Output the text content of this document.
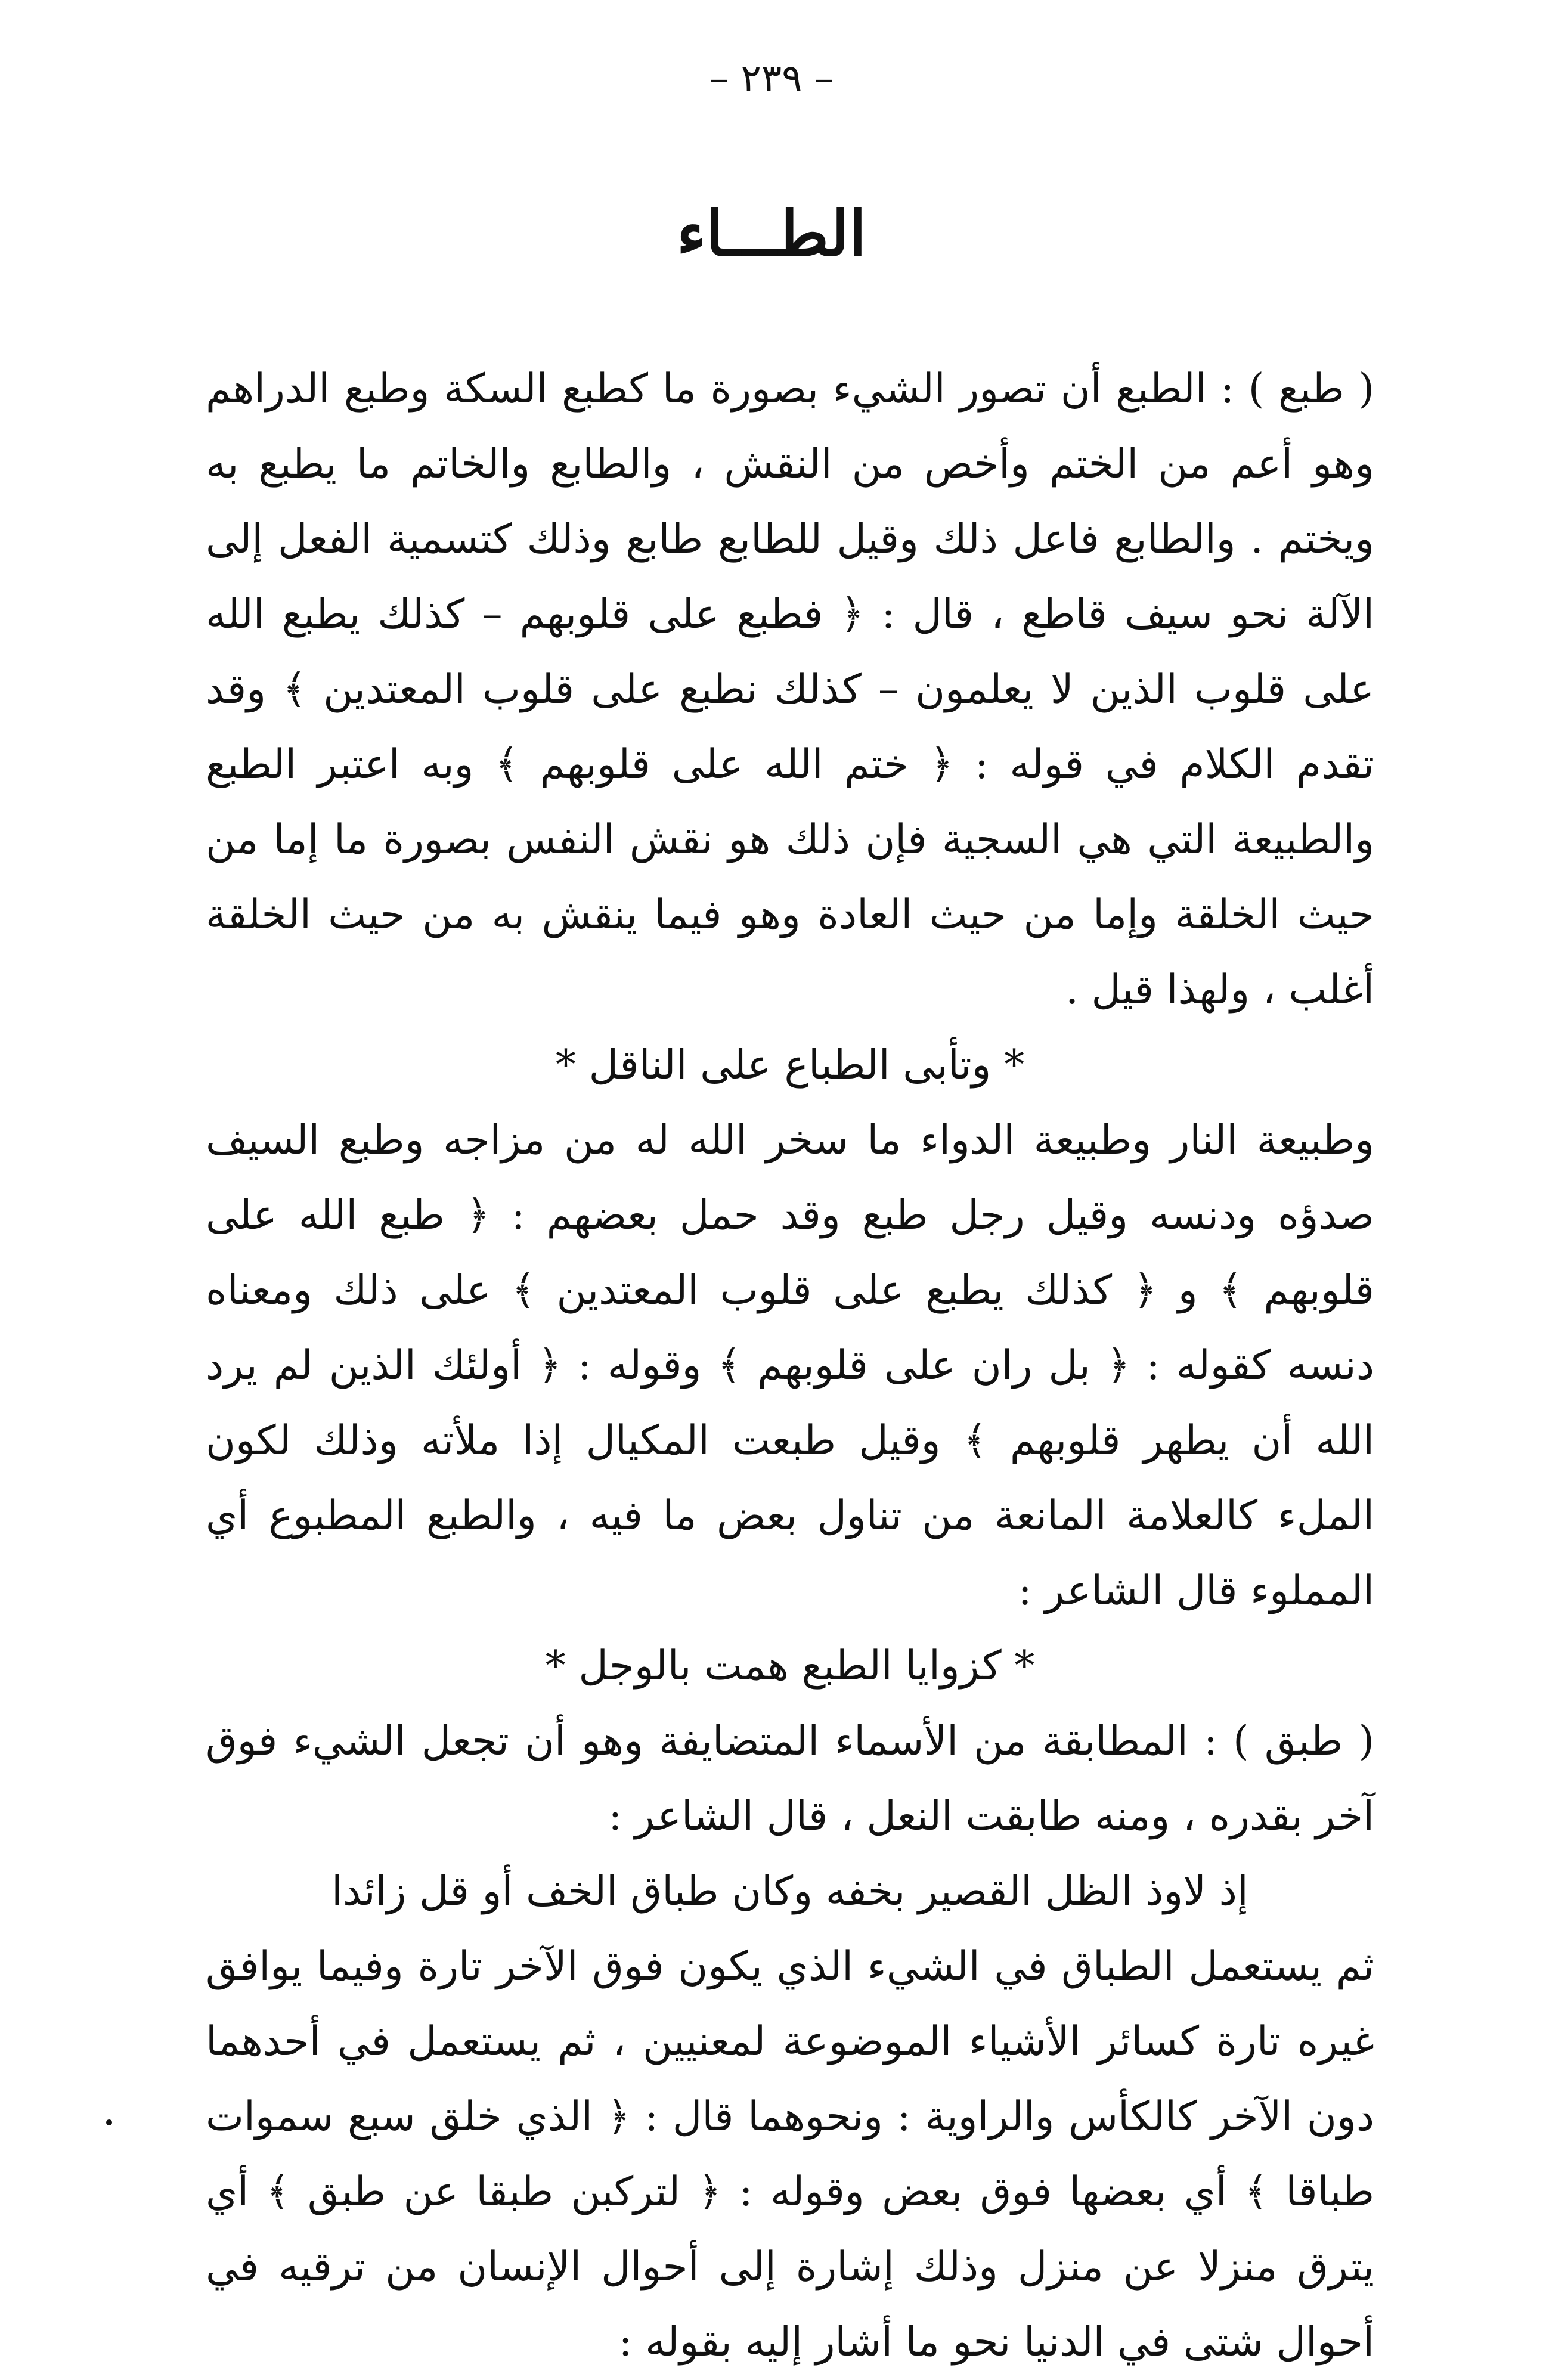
– ٢٣٩ –
الطـــاء

( طبع ) : الطبع أن تصور الشيء بصورة ما كطبع السكة وطبع الدراهم وهو أعم من الختم وأخص من النقش ، والطابع والخاتم ما يطبع به ويختم . والطابع فاعل ذلك وقيل للطابع طابع وذلك كتسمية الفعل إلى الآلة نحو سيف قاطع ، قال : ﴿ فطبع على قلوبهم – كذلك يطبع الله على قلوب الذين لا يعلمون – كذلك نطبع على قلوب المعتدين ﴾ وقد تقدم الكلام في قوله : ﴿ ختم الله على قلوبهم ﴾ وبه اعتبر الطبع والطبيعة التي هي السجية فإن ذلك هو نقش النفس بصورة ما إما من حيث الخلقة وإما من حيث العادة وهو فيما ينقش به من حيث الخلقة أغلب ، ولهذا قيل .

* وتأبى الطباع على الناقل *

وطبيعة النار وطبيعة الدواء ما سخر الله له من مزاجه وطبع السيف صدؤه ودنسه وقيل رجل طبع وقد حمل بعضهم : ﴿ طبع الله على قلوبهم ﴾ و ﴿ كذلك يطبع على قلوب المعتدين ﴾ على ذلك ومعناه دنسه كقوله : ﴿ بل ران على قلوبهم ﴾ وقوله : ﴿ أولئك الذين لم يرد الله أن يطهر قلوبهم ﴾ وقيل طبعت المكيال إذا ملأته وذلك لكون الملء كالعلامة المانعة من تناول بعض ما فيه ، والطبع المطبوع أي المملوء قال الشاعر :

* كزوايا الطبع همت بالوجل *

( طبق ) : المطابقة من الأسماء المتضايفة وهو أن تجعل الشيء فوق آخر بقدره ، ومنه طابقت النعل ، قال الشاعر :

إذ لاوذ الظل القصير بخفه وكان طباق الخف أو قل زائدا

ثم يستعمل الطباق في الشيء الذي يكون فوق الآخر تارة وفيما يوافق غيره تارة كسائر الأشياء الموضوعة لمعنيين ، ثم يستعمل في أحدهما دون الآخر كالكأس والراوية : ونحوهما قال : ﴿ الذي خلق سبع سموات طباقا ﴾ أي بعضها فوق بعض وقوله : ﴿ لتركبن طبقا عن طبق ﴾ أي يترق منزلا عن منزل وذلك إشارة إلى أحوال الإنسان من ترقيه في أحوال شتى في الدنيا نحو ما أشار إليه بقوله :
